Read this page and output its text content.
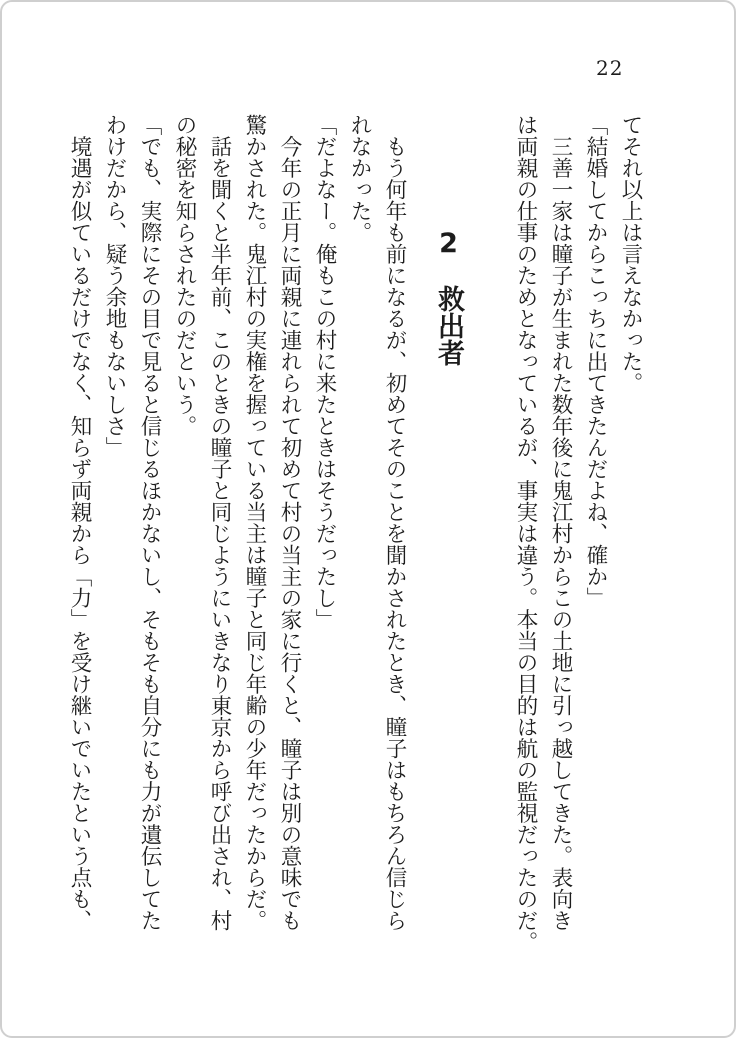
22

てそれ以上は言えなかった。

「結婚してからこっちに出てきたんだよね、確か」

　三善一家は瞳子が生まれた数年後に鬼江村からこの土地に引っ越してきた。表向き

は両親の仕事のためとなっているが、事実は違う。本当の目的は航の監視だったのだ。

2救出者

　もう何年も前になるが、初めてそのことを聞かされたとき、瞳子はもちろん信じら

れなかった。

「だよなー。俺もこの村に来たときはそうだったし」

　今年の正月に両親に連れられて初めて村の当主の家に行くと、瞳子は別の意味でも

驚かされた。鬼江村の実権を握っている当主は瞳子と同じ年齢の少年だったからだ。

　話を聞くと半年前、このときの瞳子と同じようにいきなり東京から呼び出され、村

の秘密を知らされたのだという。

「でも、実際にその目で見ると信じるほかないし、そもそも自分にも力が遺伝してた

わけだから、疑う余地もないしさ」

　境遇が似ているだけでなく、知らず両親から「力」を受け継いでいたという点も、
